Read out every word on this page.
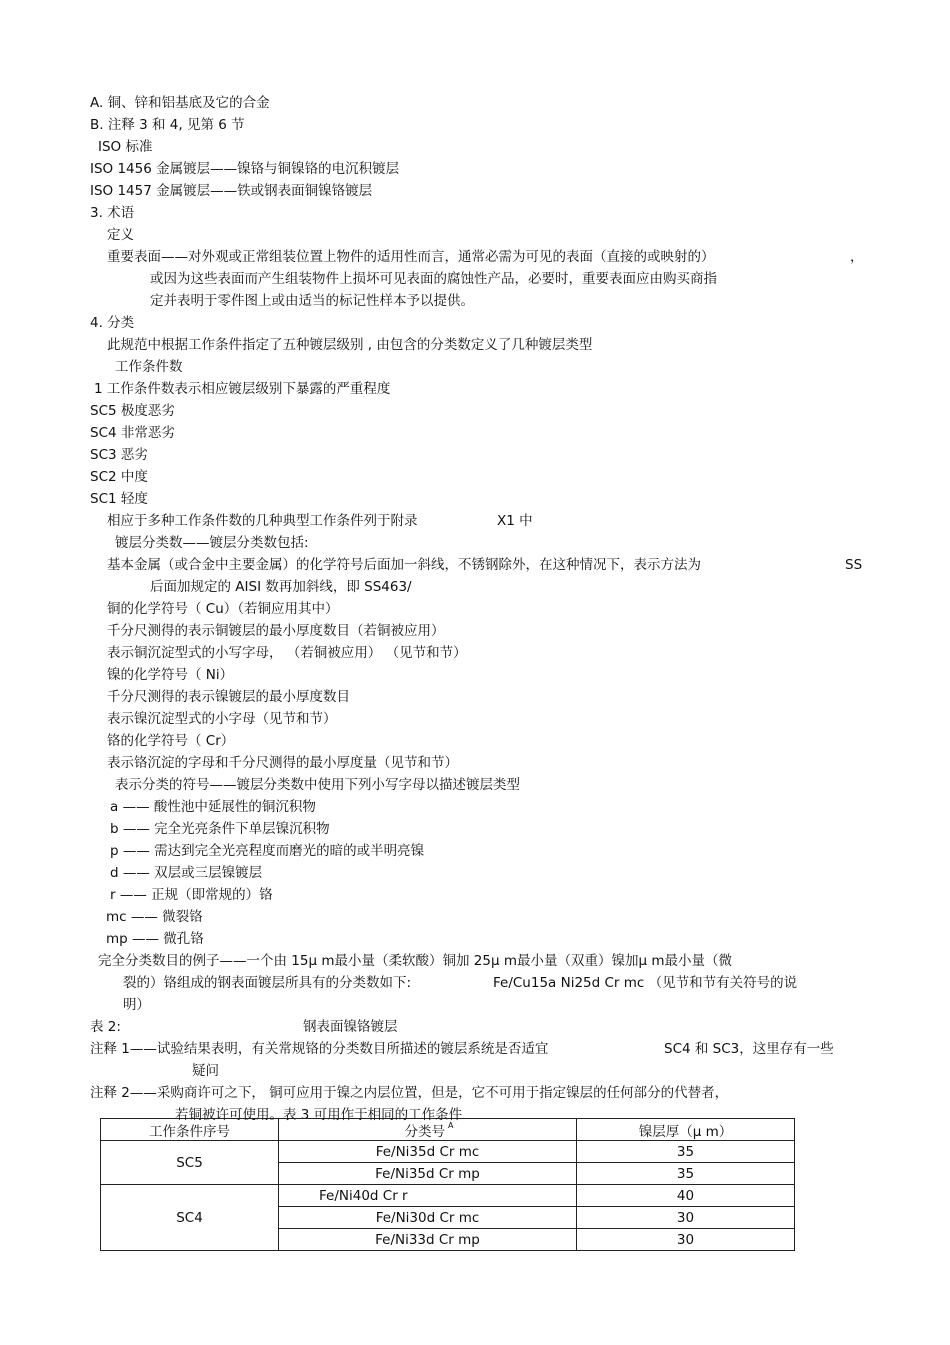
A. 铜、锌和铝基底及它的合金
B. 注释 3 和 4, 见第 6 节
ISO 标准
ISO 1456 金属镀层——镍铬与铜镍铬的电沉积镀层
ISO 1457 金属镀层——铁或钢表面铜镍铬镀层
3. 术语
定义
重要表面——对外观或正常组装位置上物件的适用性而言，通常必需为可见的表面（直接的或映射的）	，
或因为这些表面而产生组装物件上损坏可见表面的腐蚀性产品，必要时，重要表面应由购买商指
定并表明于零件图上或由适当的标记性样本予以提供。
4. 分类
此规范中根据工作条件指定了五种镀层级别 , 由包含的分类数定义了几种镀层类型
工作条件数
1 工作条件数表示相应镀层级别下暴露的严重程度
SC5 极度恶劣
SC4 非常恶劣
SC3 恶劣
SC2 中度
SC1 轻度
相应于多种工作条件数的几种典型工作条件列于附录	X1 中
镀层分类数——镀层分类数包括:
基本金属（或合金中主要金属）的化学符号后面加一斜线，不锈钢除外，在这种情况下，表示方法为	SS
后面加规定的 AISI 数再加斜线，即 SS463/
铜的化学符号（ Cu）（若铜应用其中）
千分尺测得的表示铜镀层的最小厚度数目（若铜被应用）
表示铜沉淀型式的小写字母， （若铜被应用） （见节和节）
镍的化学符号（ Ni）
千分尺测得的表示镍镀层的最小厚度数目
表示镍沉淀型式的小字母（见节和节）
铬的化学符号（ Cr）
表示铬沉淀的字母和千分尺测得的最小厚度量（见节和节）
表示分类的符号——镀层分类数中使用下列小写字母以描述镀层类型
a —— 酸性池中延展性的铜沉积物
b —— 完全光亮条件下单层镍沉积物
p —— 需达到完全光亮程度而磨光的暗的或半明亮镍
d —— 双层或三层镍镀层
r —— 正规（即常规的）铬
mc —— 微裂铬
mp —— 微孔铬
完全分类数目的例子——一个由 15μ m最小量（柔软酸）铜加 25μ m最小量（双重）镍加μ m最小量（微
裂的）铬组成的钢表面镀层所具有的分类数如下:	Fe/Cu15a Ni25d Cr mc （见节和节有关符号的说
明）
表 2:	钢表面镍铬镀层
注释 1——试验结果表明，有关常规铬的分类数目所描述的镀层系统是否适宜	SC4 和 SC3，这里存有一些
疑问
注释 2——采购商许可之下， 铜可应用于镍之内层位置，但是，它不可用于指定镍层的任何部分的代替者，
若铜被许可使用。表 3 可用作于相同的工作条件
工作条件序号	分类号 $^A$	镍层厚（μ m）
SC5	Fe/Ni35d Cr mc	35
	Fe/Ni35d Cr mp	35
SC4	Fe/Ni40d Cr r	40
	Fe/Ni30d Cr mc	30
	Fe/Ni33d Cr mp	30
